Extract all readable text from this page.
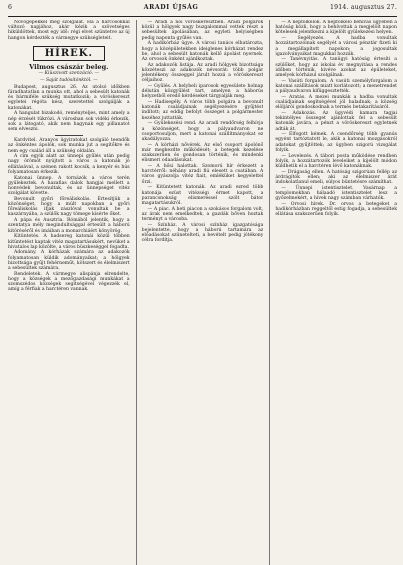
6	ARADI ÚJSÁG	1914. augusztus 27.

Növőgépekkel meg szolgálat. Ha a harcosokkal változó napjához, akár kézik a szövetséges hiküldöttek, most egy idő: régi elvet szüntetve az új hangon kérdezték a vármegye szükségleteit.

HÍREK.
Vilmos császár beleg.
— Kiüszivott szenzáció. —
— Saját tudósítónktól. —

Budapest, augusztus 26. Az utolsó időkben fáradhatatlan a munka ott, ahol a sebesült katonák és bármiféle szükség mutatkozik; a vöröskereszt egyletei régóta kész, szeretettel szolgálják a katonákat.

A hangulat bizakodó, reményteljes, mint amely a nép érzését tükrözi. A városban sok vidéki érkezik, sok a látogató, akik nem hagynak egy pillanatot sem elveszni.

Kardvitel. Aranyos ügyiratokat szolgáló teendők az önkéntes ápolók, sok munka jut a segítőkre és nem egy család áll a szükség oldalán.

A cím egyik alatt az ünnepi gyűlés után pedig nagy örömöt nyújtott a város a katonák jó ellátásával, a szénen rakott kocsik, a kenyér és hús folyamatosan érkezik.

Katonai ünnep. A tornázók a város terén gyülekeztek. A hazafias dalok hangjai mellett a honvédek bevonultak, és az ünnepséget vitéz szolgálat követte.

Bevonult győri főreáliskolás. Értesítjük a közönséget, hogy a múlt napokban a győri főreáliskolás ifjak zászlóval vonultak be a kaszárnyába, a szülők nagy tömege kísérte őket.

A pápa és Ausztria. Rómából jelentik, hogy a szentatya mély megindultsággal értesült a háború kitöréséről és imáiban a monarchiáért könyörög.

Kitüntetés. A hadsereg katonái közül többen kitüntetést kaptak vitéz magatartásukért, nevüket a hivatalos lap közölte, a város büszkeséggel fogadta.

Adomány. A kórházak számára az adakozók folyamatosan küldik adományaikat; a hölgyek bizottsága gyűjt fehérneműt, kötszert és élelmiszert a sebesültek számára.

Rendeletek. A vármegye alispánja elrendelte, hogy a községek a mezőgazdasági munkákat a szomszédos községek segítségével végezzék el, amíg a férfiak a harctéren vannak.

— Aradi a női vöröskeresztben. Aradi polgárok közül a hölgyek nagy buzgalommal vettek részt a sebesültek ápolásában, az egyleti helyiségben pedig naponta gyűlés van.

A hadikórház ügye. A városi tanács elhatározta, hogy a középületekben ideiglenes kórházat rendez be, ahol a sebesült katonák kellő ápolást nyernek. Az orvosok önként ajánlkoztak.

Az adakozók listája. Az aradi hölgyek bizottsága közzéteszi az adakozók névsorát: több polgár jelentékeny összeggel járult hozzá a vöröskereszt céljaihoz.

— Gyűlés. A helybeli iparosok egyesülete holnap délután közgyűlést tart, amelyen a háborús helyzetből eredő kérdéseket tárgyalják meg.

— Hadisegély. A város több polgára a bevonult katonák családjainak segélyezésére gyűjtést indított; az eddig befolyt összeget a polgármester kezéhez juttatták.

— Gyülekezési rend. Az aradi rendőrség felhívja a közönséget, hogy a pályaudvaron ne csoportosuljon, mert a katonai szállítmányokat ez akadályozza.

— A kórházi nővérek. Az első csoport ápolónő már megkezdte működését; a betegek kezelése szakszerűen és gondosan történik, és mindenki elismeri odaadásukat.

— A hősi halottak. Szomorú hír érkezett a harctérről: néhány aradi fiú elesett a csatában. A város gyászolja vitéz fiait, emléküket kegyelettel őrzi.

— Kitüntetett katonák. Az aradi ezred több katonája ezüst vitézségi érmet kapott, a parancsnokság elismeréssel szólt bátor magatartásukról.

— A piac. A heti piacon a szokásos forgalom volt, az árak nem emelkedtek, a gazdák bőven hoztak terményt a városba.

— Színház. A városi színház igazgatósága bejelentette, hogy a háború tartamára az előadásokat szünetelteti, a bevételt pedig jótékony célra fordítja.

— A népfölkelők. A népfölkelő behívás ügyében a hatóság közli, hogy a behívottak a megjelölt napon kötelesek jelentkezni a kijelölt gyülekezési helyen.

— Segélyezés. A hadba vonultak hozzátartozóinak segélyét a városi pénztár fizeti ki a megállapított napokon; a jogosultak igazolványaikat magukkal hozzák.

— Tanévnyitás. A tanügyi hatóság értesíti a szülőket, hogy az iskolai év megnyitása a rendes időben történik, kivéve azokat az épületeket, amelyek kórházul szolgálnak.

— Vasúti forgalom. A vasúti személyforgalom a katonai szállítások miatt korlátozott; a menetrendet a pályaudvaron kifüggesztették.

— Aratás. A mezei munkák a hadba vonultak családjainak segítségével jól haladnak; a község elöljárói gondoskodnak a termés betakarításáról.

— Adakozás. Az ügyvédi kamara tagjai tekintélyes összeget ajánlottak fel a sebesült katonák javára, a pénzt a vöröskereszt egyletnek adták át.

— Elfogott kémek. A csendőrség több gyanús egyént tartóztatott le, akik a katonai mozgásokról adatokat gyűjtöttek; az ügyben szigorú vizsgálat folyik.

— Levelezés. A tábori posta működése rendben folyik, a hozzátartozók leveleiket a kijelölt módon küldhetik el a harctéren lévő katonáknak.

— Drágaság ellen. A hatóság szigorúan fellép az árdrágítók ellen; aki az élelmiszer árát indokolatlanul emeli, súlyos büntetésre számíthat.

— Ünnepi istentisztelet. Vasárnap a templomokban hálaadó istentisztelet lesz a győzelmekért, a hívek nagy számban várhatók.

— Orvosi hírek. Dr. orvos a betegeket a hadikórházban reggeltől estig fogadja, a sebesültek ellátása szakszerűen folyik.
